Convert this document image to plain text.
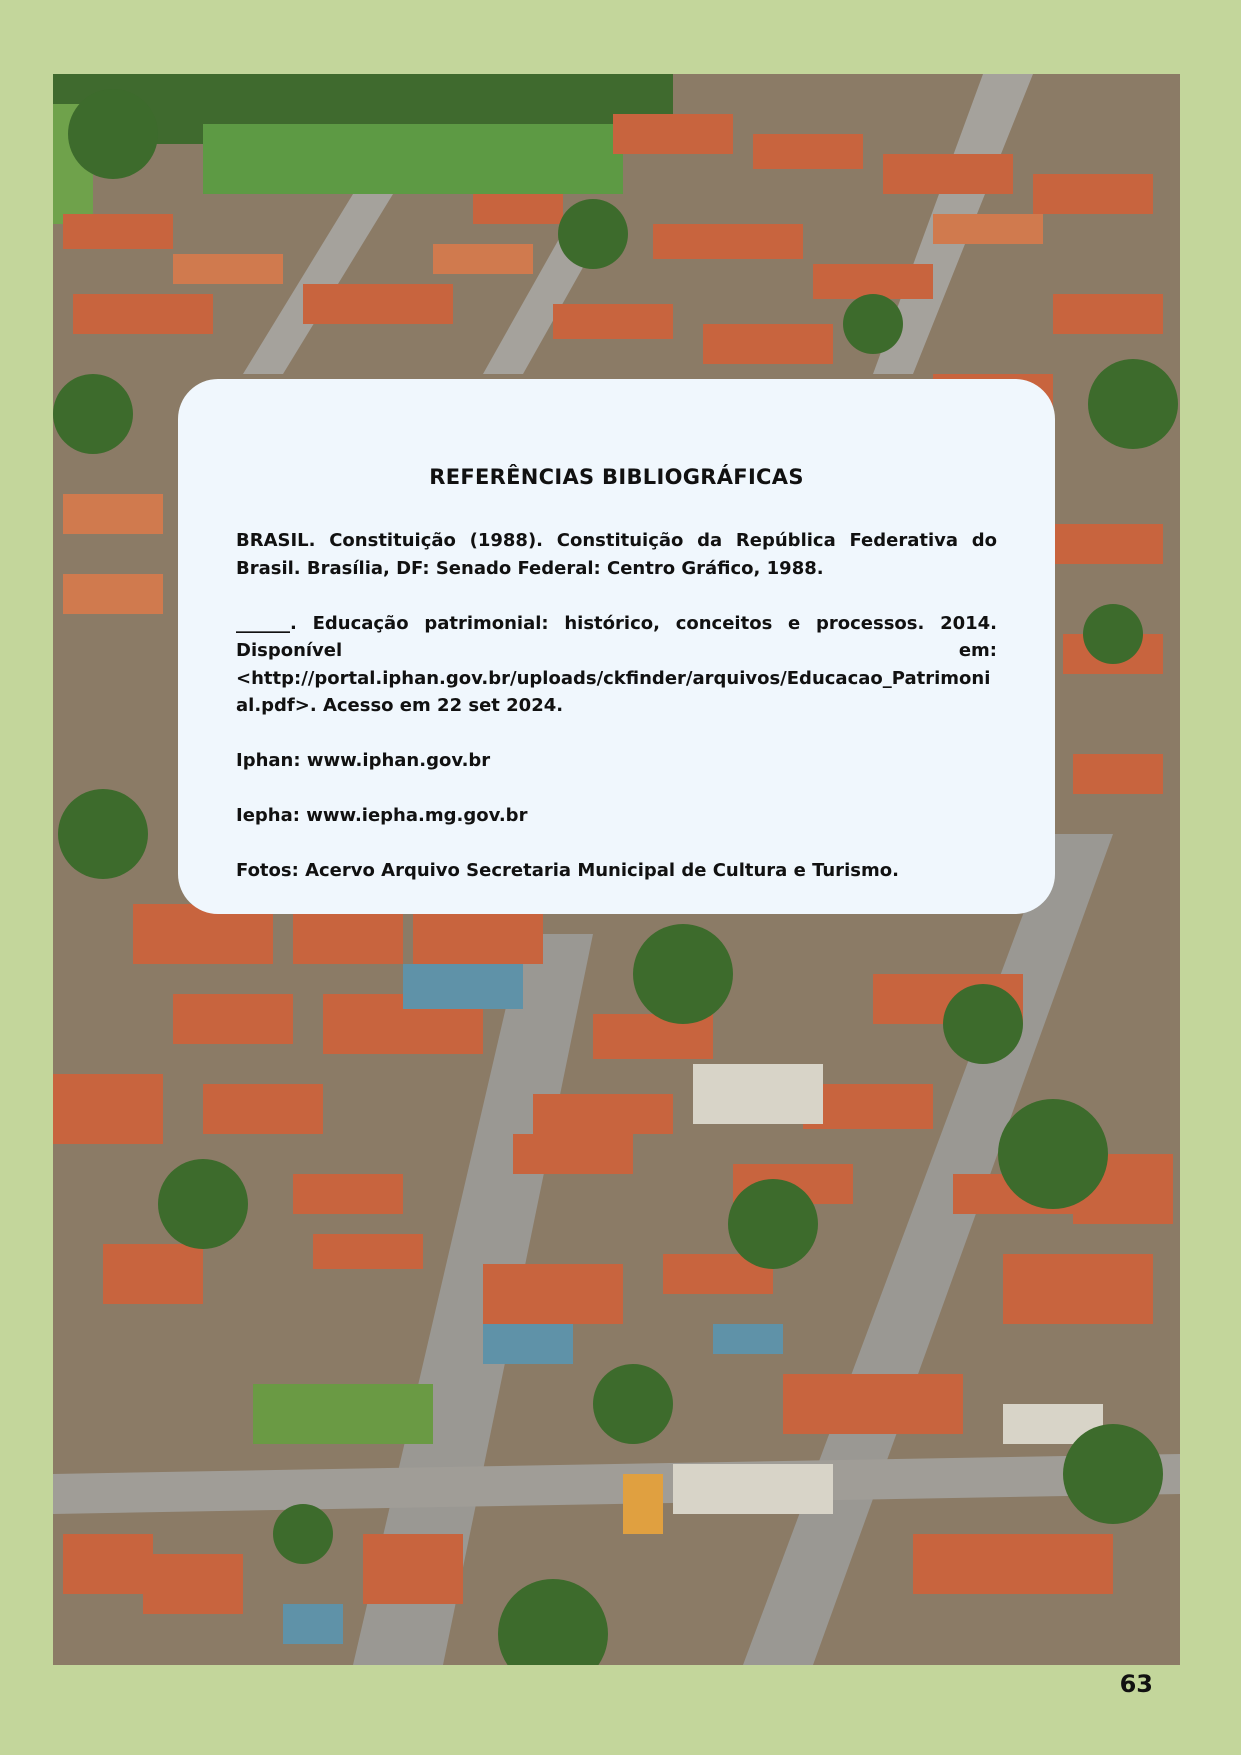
REFERÊNCIAS BIBLIOGRÁFICAS

BRASIL. Constituição (1988). Constituição da República Federativa do Brasil. Brasília, DF: Senado Federal: Centro Gráfico, 1988.

______. Educação patrimonial: histórico, conceitos e processos. 2014.
Disponível	em:
<http://portal.iphan.gov.br/uploads/ckfinder/arquivos/Educacao_Patrimonial.pdf>. Acesso em 22 set 2024.

Iphan: www.iphan.gov.br

Iepha: www.iepha.mg.gov.br

Fotos: Acervo Arquivo Secretaria Municipal de Cultura e Turismo.

63
